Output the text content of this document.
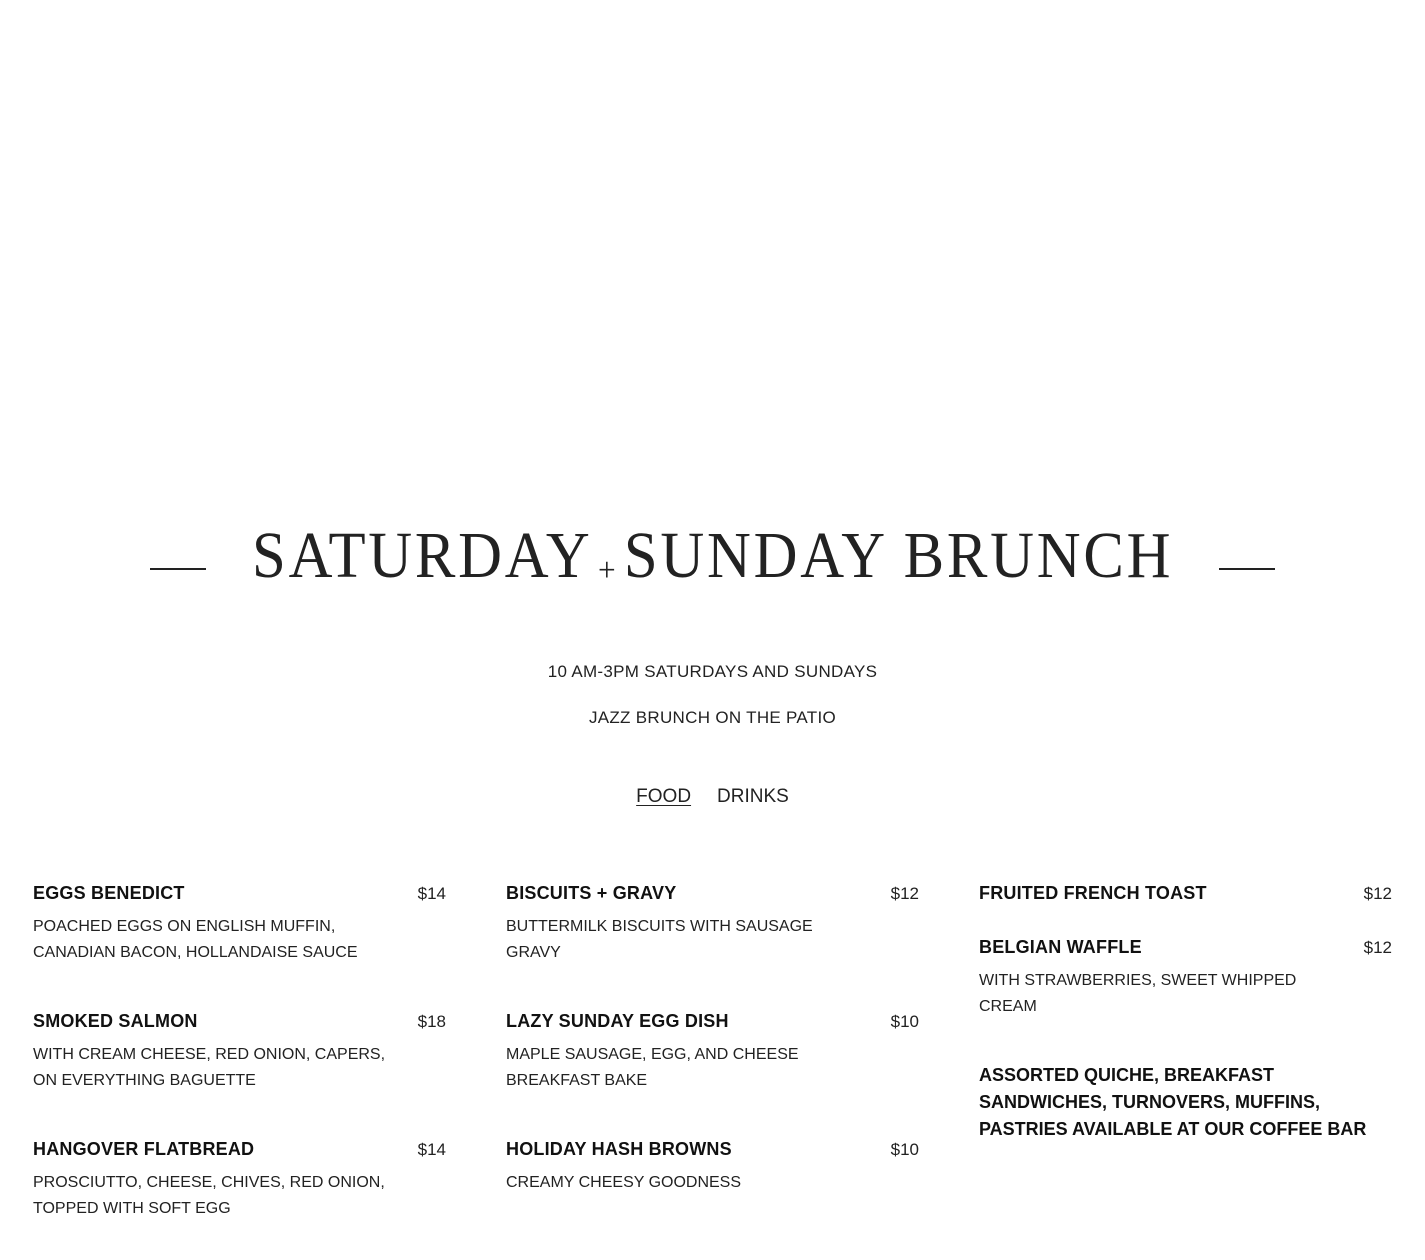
SATURDAY +SUNDAY BRUNCH
10 AM-3PM SATURDAYS AND SUNDAYS
JAZZ BRUNCH ON THE PATIO
FOOD DRINKS
EGGS BENEDICT	$14
POACHED EGGS ON ENGLISH MUFFIN, CANADIAN BACON, HOLLANDAISE SAUCE
SMOKED SALMON	$18
WITH CREAM CHEESE, RED ONION, CAPERS, ON EVERYTHING BAGUETTE
HANGOVER FLATBREAD	$14
PROSCIUTTO, CHEESE, CHIVES, RED ONION, TOPPED WITH SOFT EGG
BISCUITS + GRAVY	$12
BUTTERMILK BISCUITS WITH SAUSAGE GRAVY
LAZY SUNDAY EGG DISH	$10
MAPLE SAUSAGE, EGG, AND CHEESE BREAKFAST BAKE
HOLIDAY HASH BROWNS	$10
CREAMY CHEESY GOODNESS
FRUITED FRENCH TOAST	$12
BELGIAN WAFFLE	$12
WITH STRAWBERRIES, SWEET WHIPPED CREAM
ASSORTED QUICHE, BREAKFAST SANDWICHES, TURNOVERS, MUFFINS, PASTRIES AVAILABLE AT OUR COFFEE BAR
